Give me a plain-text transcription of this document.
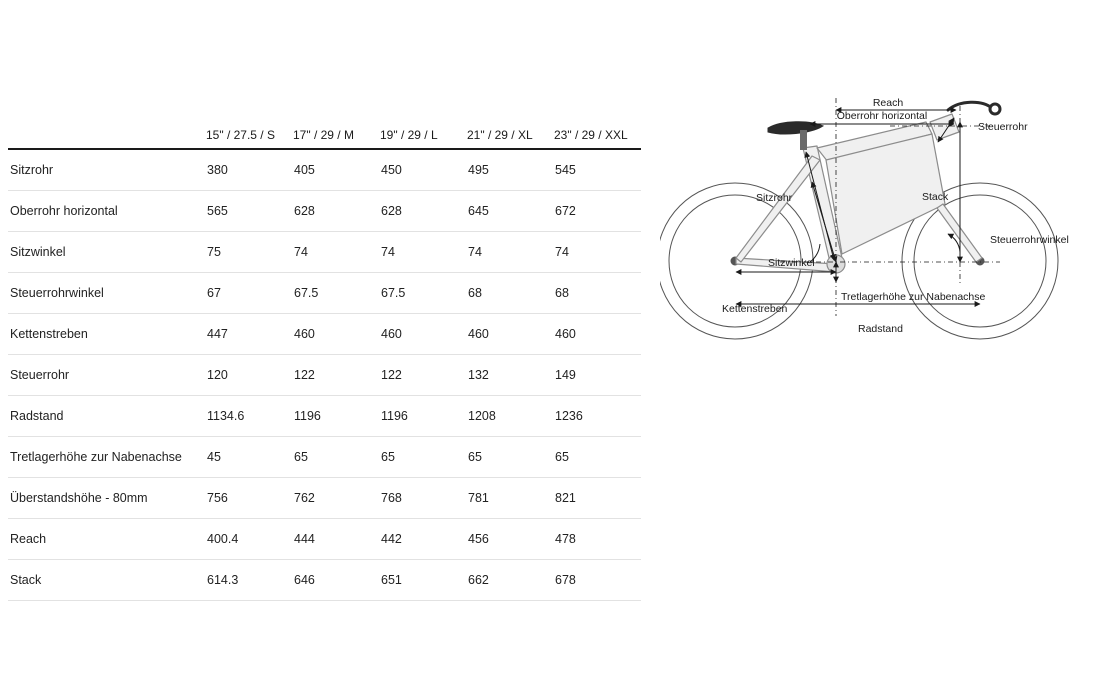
	15" / 27.5 / S	17" / 29 / M	19" / 29 / L	21" / 29 / XL	23" / 29 / XXL
Sitzrohr	380	405	450	495	545
Oberrohr horizontal	565	628	628	645	672
Sitzwinkel	75	74	74	74	74
Steuerrohrwinkel	67	67.5	67.5	68	68
Kettenstreben	447	460	460	460	460
Steuerrohr	120	122	122	132	149
Radstand	1134.6	1196	1196	1208	1236
Tretlagerhöhe zur Nabenachse	45	65	65	65	65
Überstandshöhe - 80mm	756	762	768	781	821
Reach	400.4	444	442	456	478
Stack	614.3	646	651	662	678
Reach
Oberrohr horizontal
Steuerrohr
Stack
Sitzrohr
Steuerrohrwinkel
Sitzwinkel
Tretlagerhöhe zur Nabenachse
Kettenstreben
Radstand
